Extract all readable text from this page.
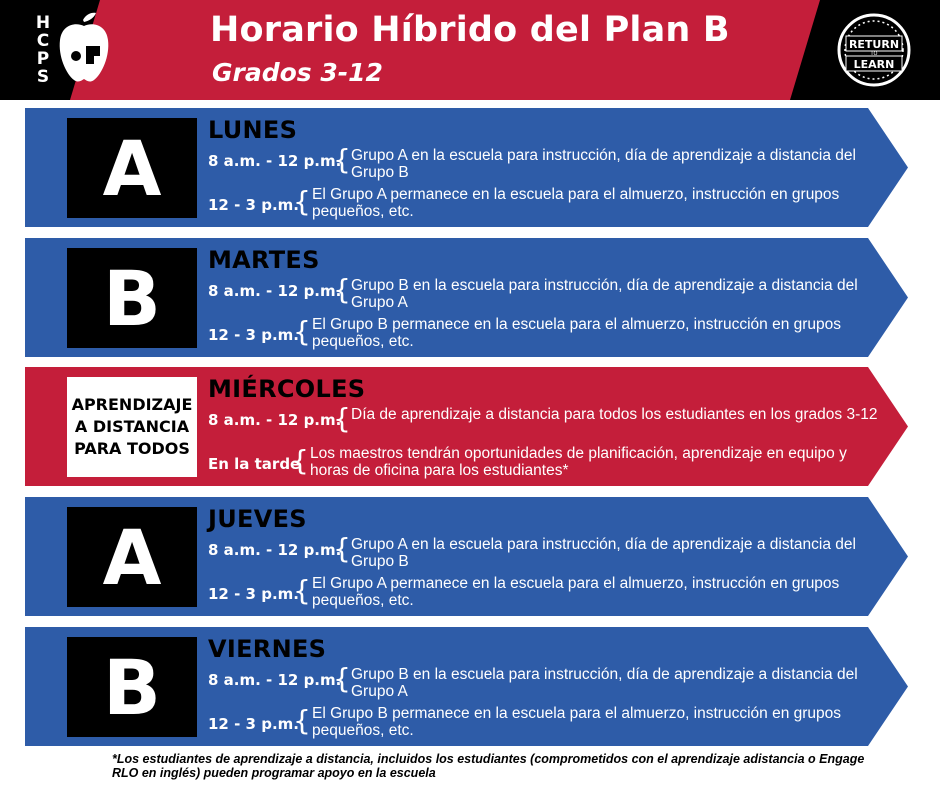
H
C
P
S
Horario Híbrido del Plan B
Grados 3-12
RETURN
TO
LEARN
A	LUNES
8 a.m. - 12 p.m.
{ Grupo A en la escuela para instrucción, día de aprendizaje a distancia del Grupo B
12 - 3 p.m.
{ El Grupo A permanece en la escuela para el almuerzo, instrucción en grupos pequeños, etc.
B	MARTES
8 a.m. - 12 p.m.
{ Grupo B en la escuela para instrucción, día de aprendizaje a distancia del Grupo A
12 - 3 p.m.
{ El Grupo B permanece en la escuela para el almuerzo, instrucción en grupos pequeños, etc.
APRENDIZAJE
A DISTANCIA
PARA TODOS
MIÉRCOLES
8 a.m. - 12 p.m.
{ Día de aprendizaje a distancia para todos los estudiantes en los grados 3-12
En la tarde
{ Los maestros tendrán oportunidades de planificación, aprendizaje en equipo y horas de oficina para los estudiantes*
A	JUEVES
8 a.m. - 12 p.m.
{ Grupo A en la escuela para instrucción, día de aprendizaje a distancia del Grupo B
12 - 3 p.m.
{ El Grupo A permanece en la escuela para el almuerzo, instrucción en grupos pequeños, etc.
B	VIERNES
8 a.m. - 12 p.m.
{ Grupo B en la escuela para instrucción, día de aprendizaje a distancia del Grupo A
12 - 3 p.m.
{ El Grupo B permanece en la escuela para el almuerzo, instrucción en grupos pequeños, etc.
*Los estudiantes de aprendizaje a distancia, incluidos los estudiantes (comprometidos con el aprendizaje adistancia o Engage RLO en inglés) pueden programar apoyo en la escuela
